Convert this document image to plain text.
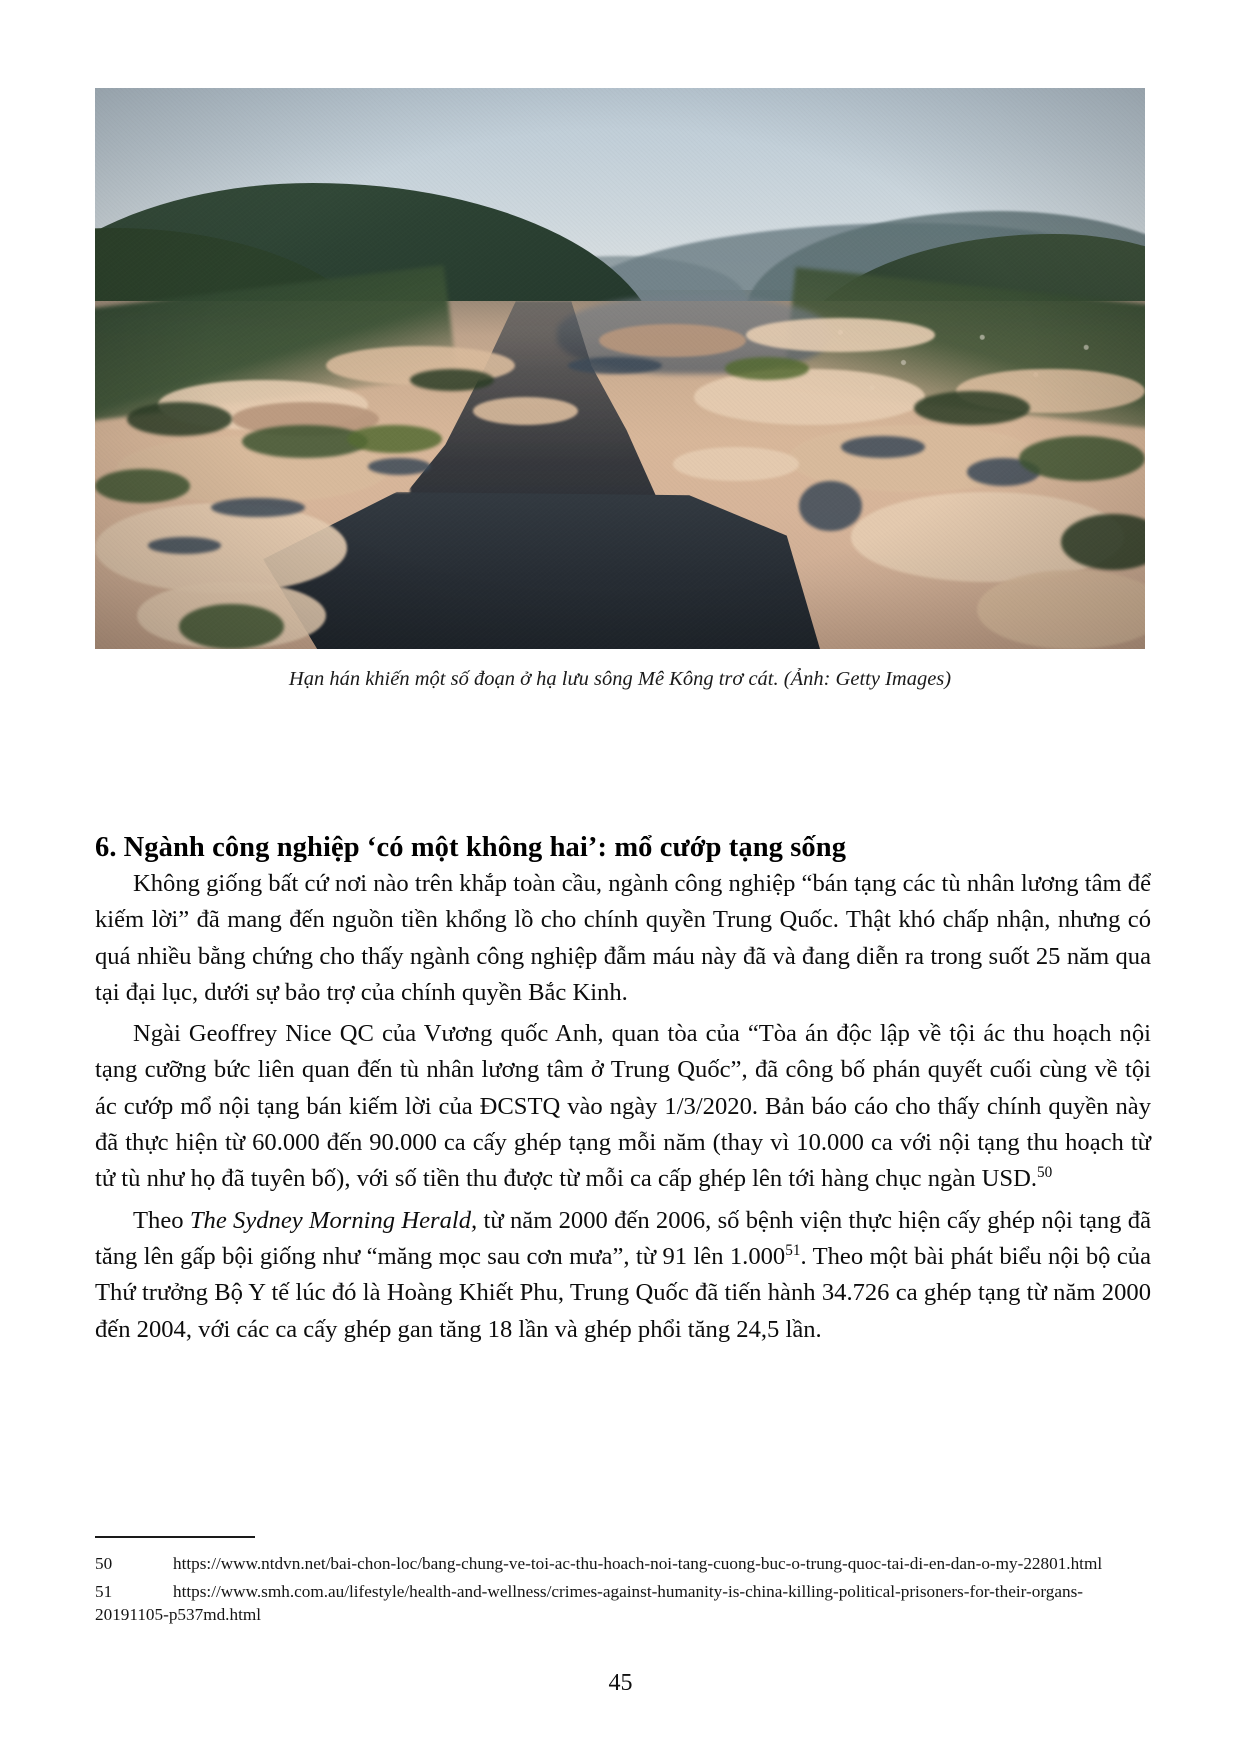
Hạn hán khiến một số đoạn ở hạ lưu sông Mê Kông trơ cát. (Ảnh: Getty Images)
6. Ngành công nghiệp ‘có một không hai’: mổ cướp tạng sống

Không giống bất cứ nơi nào trên khắp toàn cầu, ngành công nghiệp “bán tạng các tù nhân lương tâm để kiếm lời” đã mang đến nguồn tiền khổng lồ cho chính quyền Trung Quốc. Thật khó chấp nhận, nhưng có quá nhiều bằng chứng cho thấy ngành công nghiệp đẫm máu này đã và đang diễn ra trong suốt 25 năm qua tại đại lục, dưới sự bảo trợ của chính quyền Bắc Kinh.

Ngài Geoffrey Nice QC của Vương quốc Anh, quan tòa của “Tòa án độc lập về tội ác thu hoạch nội tạng cưỡng bức liên quan đến tù nhân lương tâm ở Trung Quốc”, đã công bố phán quyết cuối cùng về tội ác cướp mổ nội tạng bán kiếm lời của ĐCSTQ vào ngày 1/3/2020. Bản báo cáo cho thấy chính quyền này đã thực hiện từ 60.000 đến 90.000 ca cấy ghép tạng mỗi năm (thay vì 10.000 ca với nội tạng thu hoạch từ tử tù như họ đã tuyên bố), với số tiền thu được từ mỗi ca cấp ghép lên tới hàng chục ngàn USD.$^{50}$

Theo The Sydney Morning Herald, từ năm 2000 đến 2006, số bệnh viện thực hiện cấy ghép nội tạng đã tăng lên gấp bội giống như “măng mọc sau cơn mưa”, từ 91 lên 1.000$^{51}$. Theo một bài phát biểu nội bộ của Thứ trưởng Bộ Y tế lúc đó là Hoàng Khiết Phu, Trung Quốc đã tiến hành 34.726 ca ghép tạng từ năm 2000 đến 2004, với các ca cấy ghép gan tăng 18 lần và ghép phổi tăng 24,5 lần.

50	https://www.ntdvn.net/bai-chon-loc/bang-chung-ve-toi-ac-thu-hoach-noi-tang-cuong-buc-o-trung-quoc-tai-di-en-dan-o-my-22801.html
51	https://www.smh.com.au/lifestyle/health-and-wellness/crimes-against-humanity-is-china-killing-political-prisoners-for-their-organs-20191105-p537md.html
45
